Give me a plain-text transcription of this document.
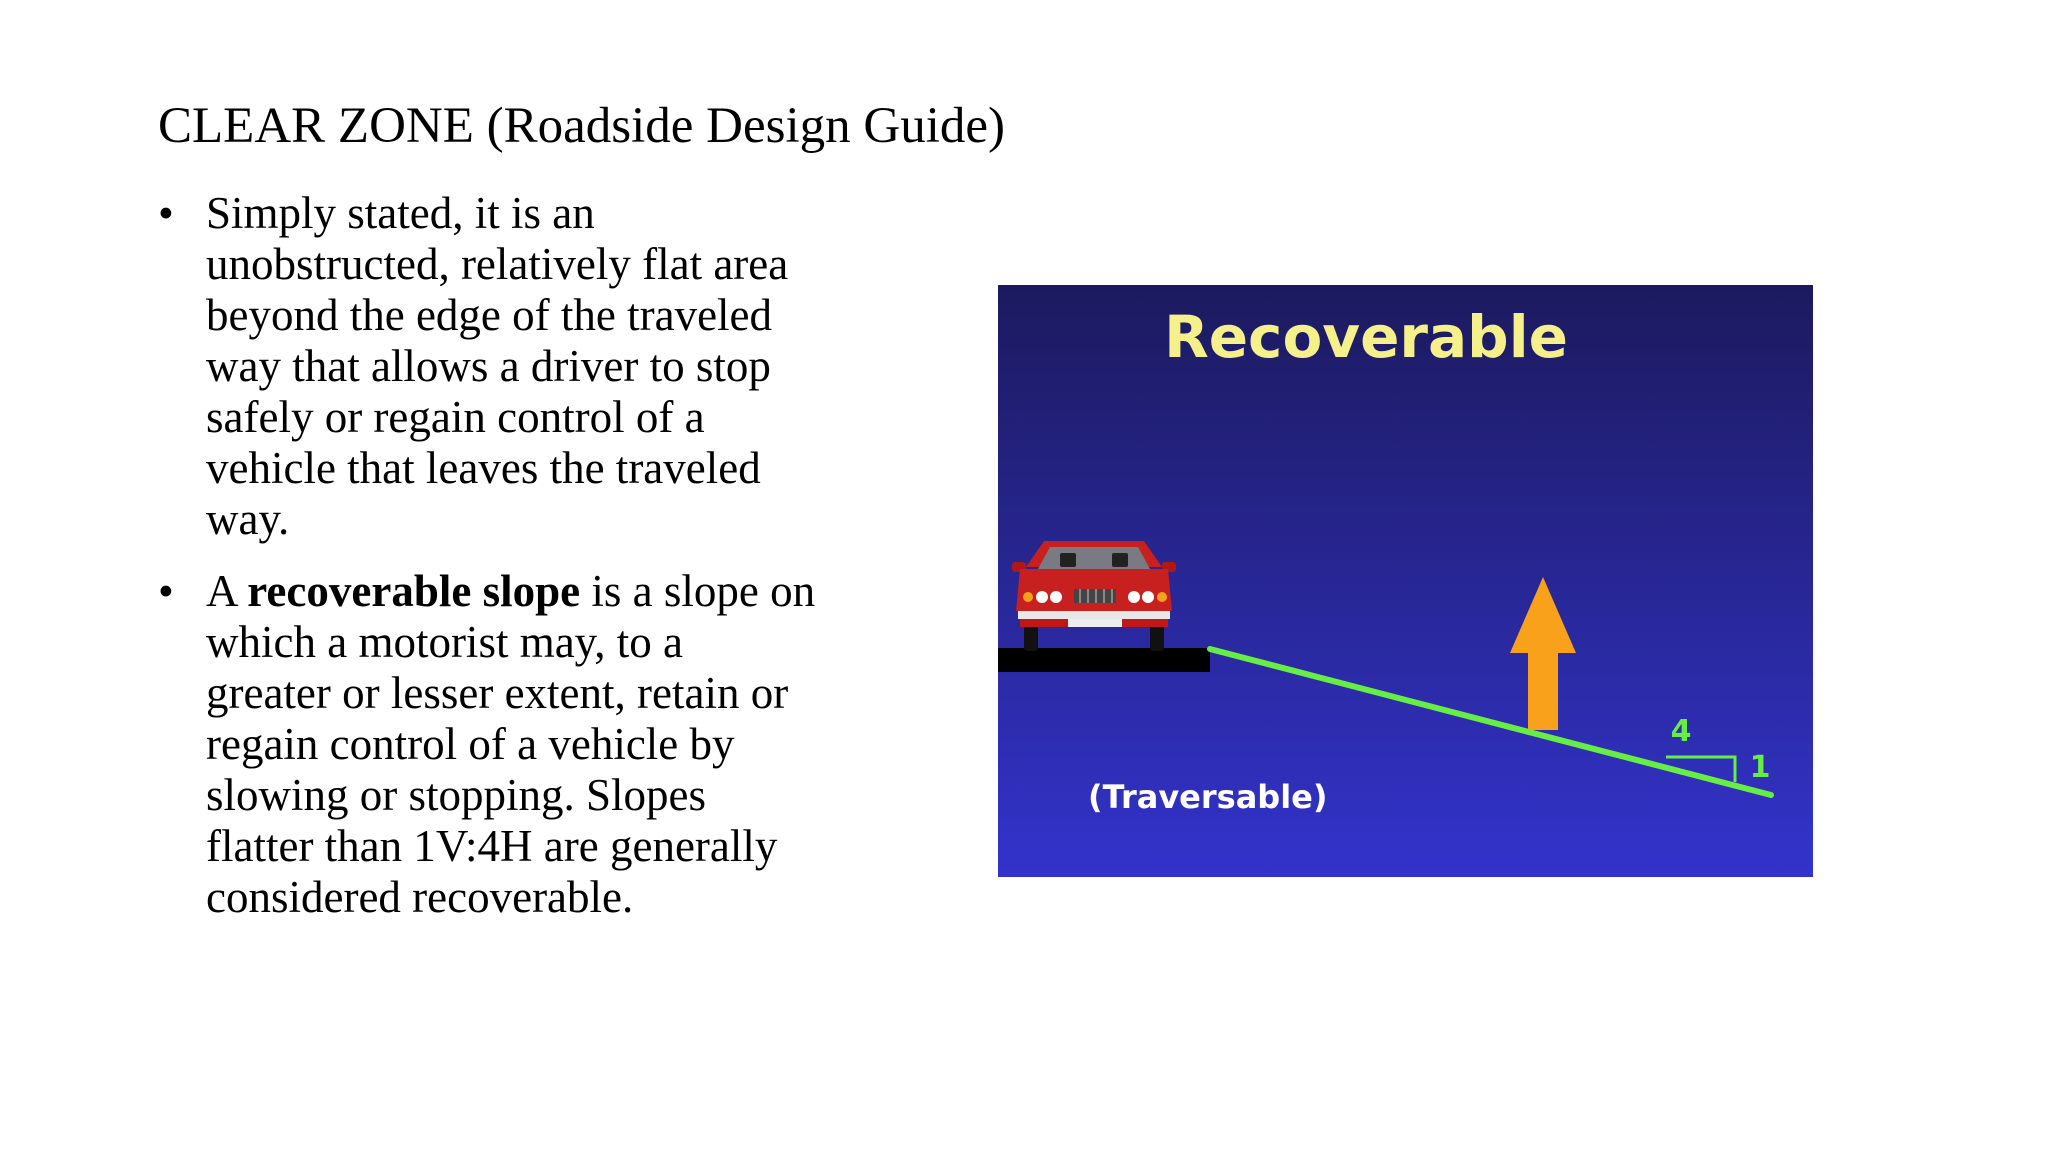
CLEAR ZONE (Roadside Design Guide)
• Simply stated, it is an unobstructed, relatively flat area beyond the edge of the traveled way that allows a driver to stop safely or regain control of a vehicle that leaves the traveled way.
• A recoverable slope is a slope on which a motorist may, to a greater or lesser extent, retain or regain control of a vehicle by slowing or stopping. Slopes flatter than 1V:4H are generally considered recoverable.
Recoverable
4
1
(Traversable)
